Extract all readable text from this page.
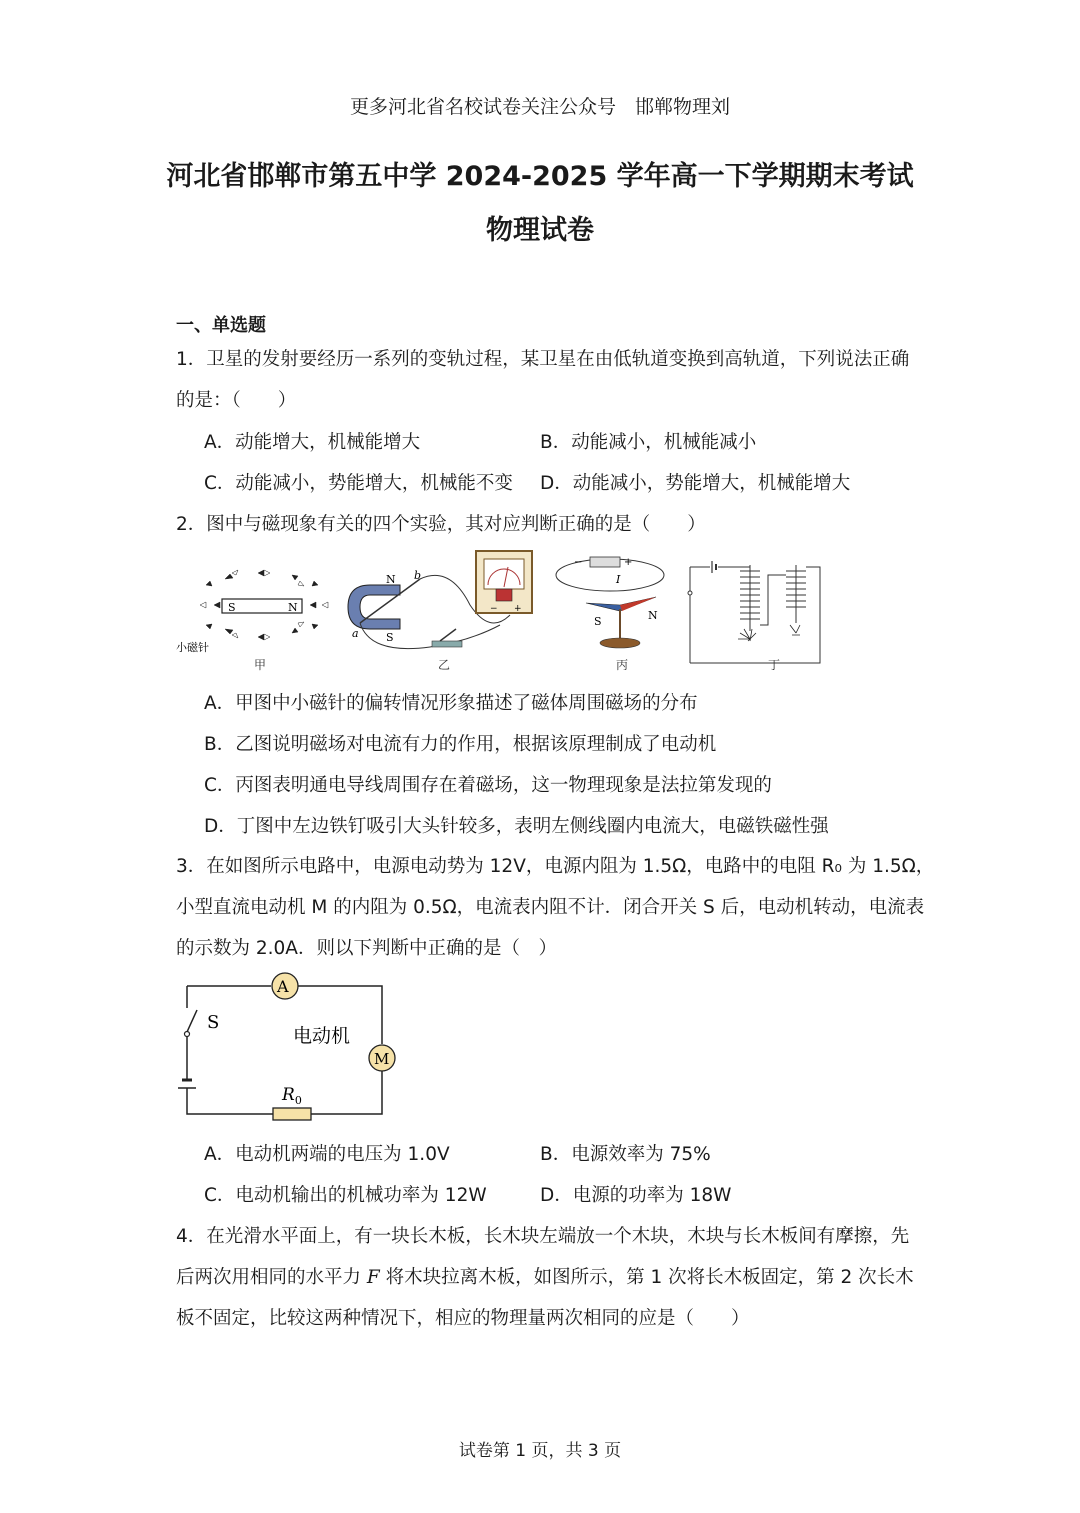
更多河北省名校试卷关注公众号　邯郸物理刘
河北省邯郸市第五中学 2024-2025 学年高一下学期期末考试
物理试卷
一、单选题
1．卫星的发射要经历一系列的变轨过程，某卫星在由低轨道变换到高轨道，下列说法正确
的是：（　　）
A．动能增大，机械能增大	B．动能减小，机械能减小
C．动能减小，势能增大，机械能不变 D．动能减小，势能增大，机械能增大
2．图中与磁现象有关的四个实验，其对应判断正确的是（　　）
S	N
小磁针
甲
N
S
a
b
− +
乙
−	+
I
S	N
丙	丁
A．甲图中小磁针的偏转情况形象描述了磁体周围磁场的分布
B．乙图说明磁场对电流有力的作用，根据该原理制成了电动机
C．丙图表明通电导线周围存在着磁场，这一物理现象是法拉第发现的
D．丁图中左边铁钉吸引大头针较多，表明左侧线圈内电流大，电磁铁磁性强
3．在如图所示电路中，电源电动势为 12V，电源内阻为 1.5Ω，电路中的电阻 R₀ 为 1.5Ω，
小型直流电动机 M 的内阻为 0.5Ω，电流表内阻不计．闭合开关 S 后，电动机转动，电流表
的示数为 2.0A．则以下判断中正确的是（　）
A
M
$R_0$
S
电动机
A．电动机两端的电压为 1.0V	B．电源效率为 75%
C．电动机输出的机械功率为 12W	D．电源的功率为 18W
4．在光滑水平面上，有一块长木板，长木块左端放一个木块，木块与长木板间有摩擦，先
后两次用相同的水平力 F 将木块拉离木板，如图所示，第 1 次将长木板固定，第 2 次长木
板不固定，比较这两种情况下，相应的物理量两次相同的应是（　　）
试卷第 1 页，共 3 页
